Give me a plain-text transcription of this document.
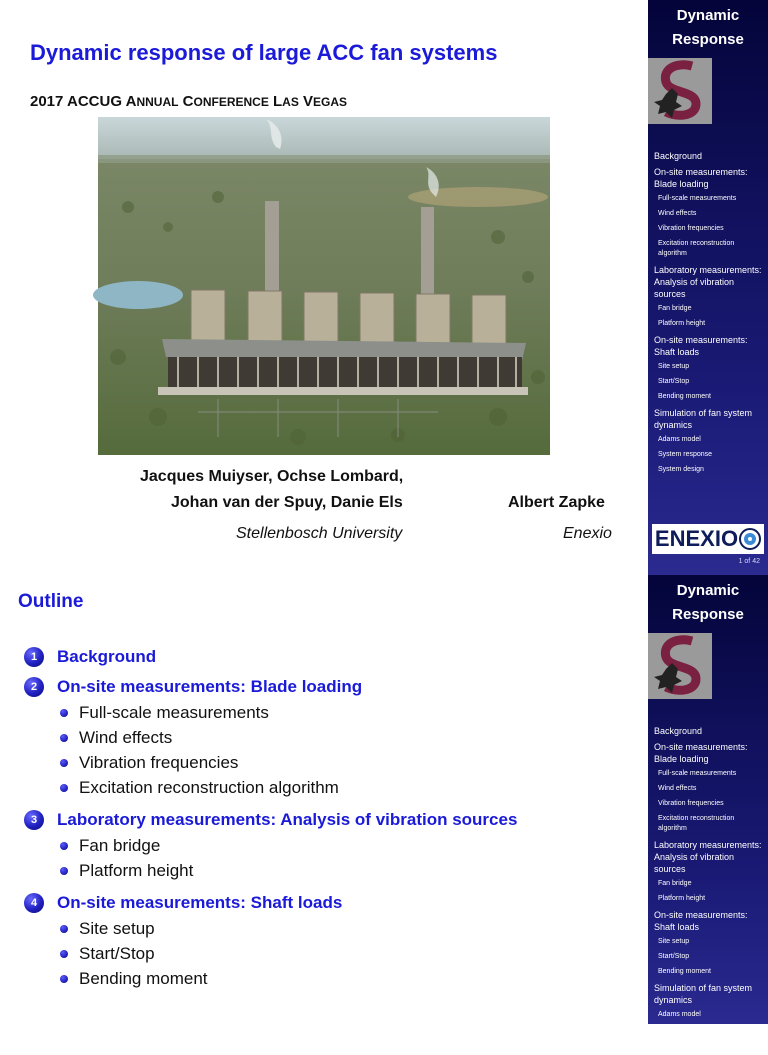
Dynamic response of large ACC fan systems
2017 ACCUG ANNUAL CONFERENCE LAS VEGAS
Jacques Muiyser, Ochse Lombard,
Johan van der Spuy, Danie Els	Albert Zapke
Stellenbosch University	Enexio
Dynamic
Response
Background
On-site measurements: Blade loading
Full-scale measurements
Wind effects
Vibration frequencies
Excitation reconstruction algorithm
Laboratory measurements: Analysis of vibration sources
Fan bridge
Platform height
On-site measurements: Shaft loads
Site setup
Start/Stop
Bending moment
Simulation of fan system dynamics
Adams model
System response
System design
ENEXIO
1 of 42
Outline
1	Background
2	On-site measurements: Blade loading
Full-scale measurements
Wind effects
Vibration frequencies
Excitation reconstruction algorithm
3	Laboratory measurements: Analysis of vibration sources
Fan bridge
Platform height
4	On-site measurements: Shaft loads
Site setup
Start/Stop
Bending moment
Dynamic
Response
Background
On-site measurements: Blade loading
Full-scale measurements
Wind effects
Vibration frequencies
Excitation reconstruction algorithm
Laboratory measurements: Analysis of vibration sources
Fan bridge
Platform height
On-site measurements: Shaft loads
Site setup
Start/Stop
Bending moment
Simulation of fan system dynamics
Adams model
System response
System design
